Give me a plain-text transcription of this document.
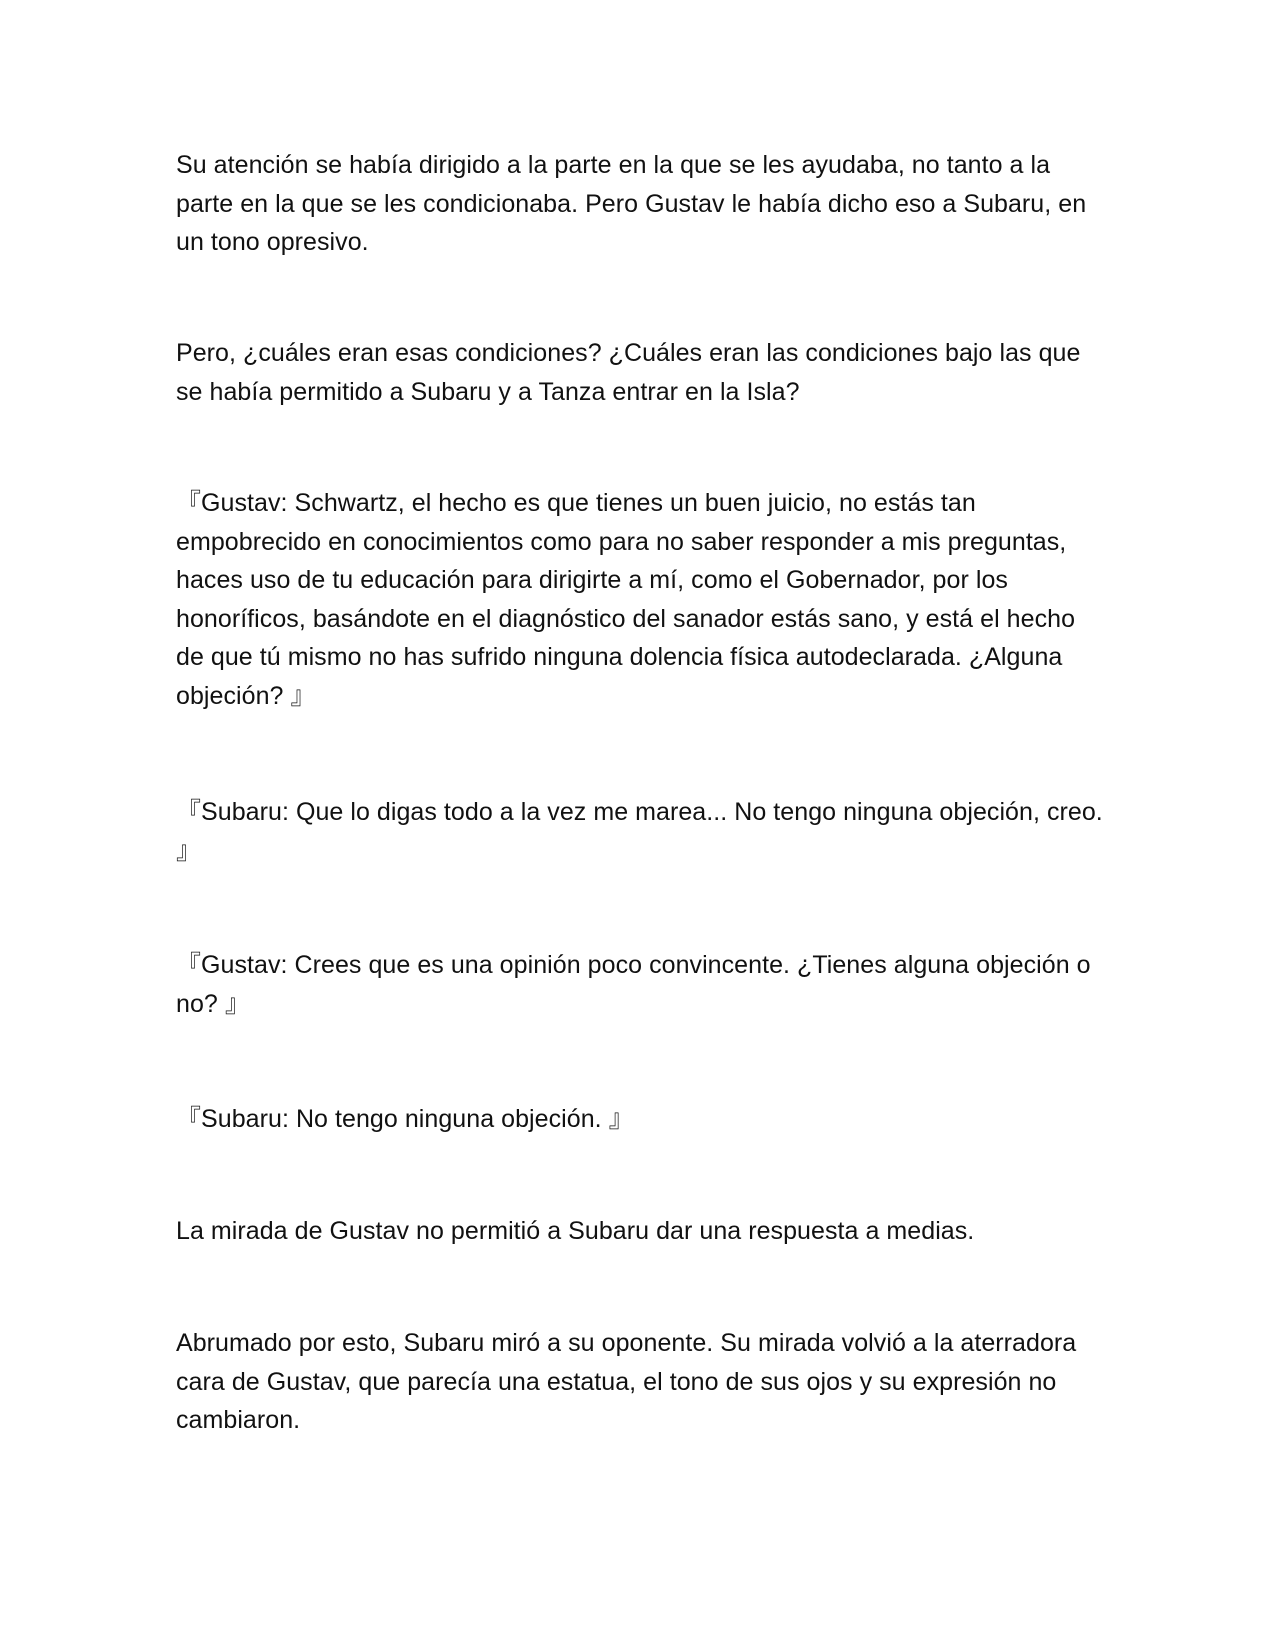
Su atención se había dirigido a la parte en la que se les ayudaba, no tanto a la parte en la que se les condicionaba. Pero Gustav le había dicho eso a Subaru, en un tono opresivo.

Pero, ¿cuáles eran esas condiciones? ¿Cuáles eran las condiciones bajo las que se había permitido a Subaru y a Tanza entrar en la Isla?

『Gustav: Schwartz, el hecho es que tienes un buen juicio, no estás tan empobrecido en conocimientos como para no saber responder a mis preguntas, haces uso de tu educación para dirigirte a mí, como el Gobernador, por los honoríficos, basándote en el diagnóstico del sanador estás sano, y está el hecho de que tú mismo no has sufrido ninguna dolencia física autodeclarada. ¿Alguna objeción? 』

『Subaru: Que lo digas todo a la vez me marea... No tengo ninguna objeción, creo. 』

『Gustav: Crees que es una opinión poco convincente. ¿Tienes alguna objeción o no? 』

『Subaru: No tengo ninguna objeción. 』

La mirada de Gustav no permitió a Subaru dar una respuesta a medias.

Abrumado por esto, Subaru miró a su oponente. Su mirada volvió a la aterradora cara de Gustav, que parecía una estatua, el tono de sus ojos y su expresión no cambiaron.
